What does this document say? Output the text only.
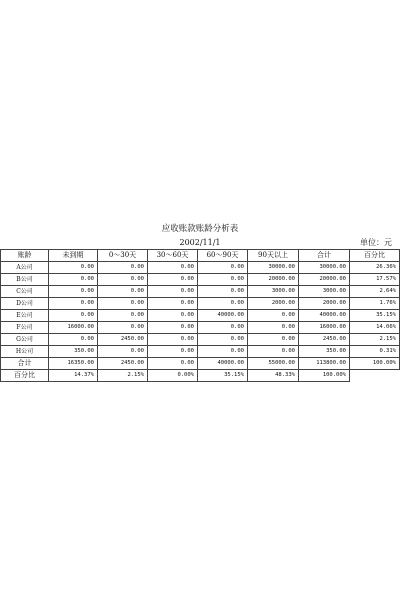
应收账款账龄分析表
2002/11/1	单位：元
账龄	未到期	0～30天	30～60天	60～90天	90天以上	合计	百分比
A公司	0.00	0.00	0.00	0.00	30000.00	30000.00	26.36%
B公司	0.00	0.00	0.00	0.00	20000.00	20000.00	17.57%
C公司	0.00	0.00	0.00	0.00	3000.00	3000.00	2.64%
D公司	0.00	0.00	0.00	0.00	2000.00	2000.00	1.76%
E公司	0.00	0.00	0.00	40000.00	0.00	40000.00	35.15%
F公司	16000.00	0.00	0.00	0.00	0.00	16000.00	14.06%
G公司	0.00	2450.00	0.00	0.00	0.00	2450.00	2.15%
H公司	350.00	0.00	0.00	0.00	0.00	350.00	0.31%
合计	16350.00	2450.00	0.00	40000.00	55000.00	113800.00	100.00%
百分比	14.37%	2.15%	0.00%	35.15%	48.33%	100.00%	
